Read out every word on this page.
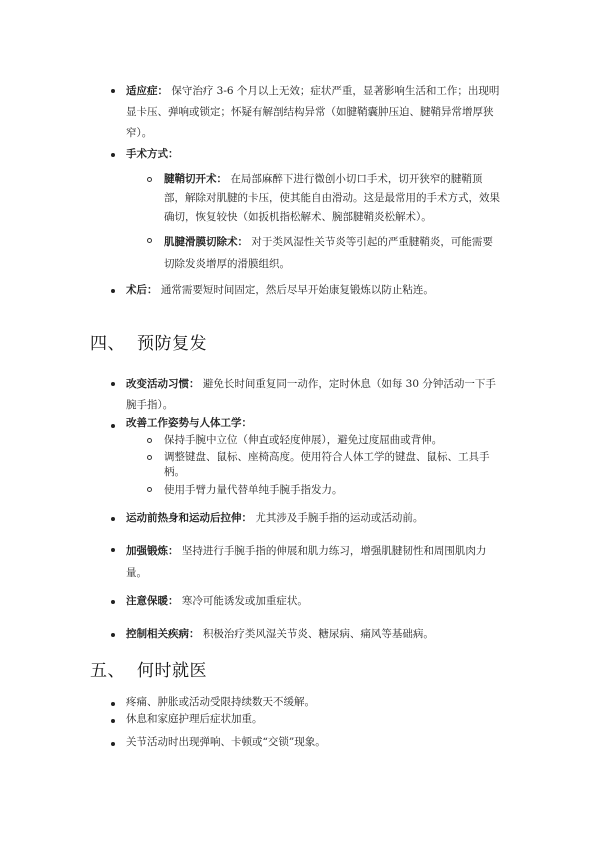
适应症： 保守治疗 3-6 个月以上无效；症状严重，显著影响生活和工作；出现明显卡压、弹响或锁定；怀疑有解剖结构异常（如腱鞘囊肿压迫、腱鞘异常增厚狭窄）。
手术方式：
腱鞘切开术： 在局部麻醉下进行微创小切口手术，切开狭窄的腱鞘顶部，解除对肌腱的卡压，使其能自由滑动。这是最常用的手术方式，效果确切，恢复较快（如扳机指松解术、腕部腱鞘炎松解术）。
肌腱滑膜切除术： 对于类风湿性关节炎等引起的严重腱鞘炎，可能需要切除发炎增厚的滑膜组织。
术后： 通常需要短时间固定，然后尽早开始康复锻炼以防止粘连。
四、 预防复发
改变活动习惯： 避免长时间重复同一动作，定时休息（如每 30 分钟活动一下手腕手指）。
改善工作姿势与人体工学：
保持手腕中立位（伸直或轻度伸展），避免过度屈曲或背伸。
调整键盘、鼠标、座椅高度。使用符合人体工学的键盘、鼠标、工具手柄。
使用手臂力量代替单纯手腕手指发力。
运动前热身和运动后拉伸： 尤其涉及手腕手指的运动或活动前。
加强锻炼： 坚持进行手腕手指的伸展和肌力练习，增强肌腱韧性和周围肌肉力量。
注意保暖： 寒冷可能诱发或加重症状。
控制相关疾病： 积极治疗类风湿关节炎、糖尿病、痛风等基础病。
五、 何时就医
疼痛、肿胀或活动受限持续数天不缓解。
休息和家庭护理后症状加重。
关节活动时出现弹响、卡顿或“交锁”现象。
